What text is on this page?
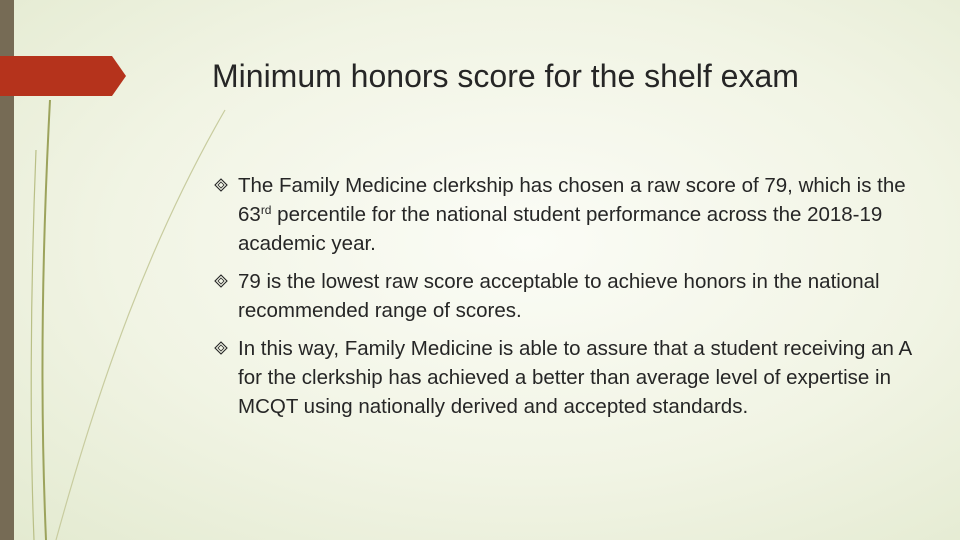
Minimum honors score for the shelf exam
The Family Medicine clerkship has chosen a raw score of 79, which is the 63rd percentile for the national student performance across the 2018-19 academic year.
79 is the lowest raw score acceptable to achieve honors in the national recommended range of scores.
In this way, Family Medicine is able to assure that a student receiving an A for the clerkship has achieved a better than average level of expertise in MCQT using nationally derived and accepted standards.
